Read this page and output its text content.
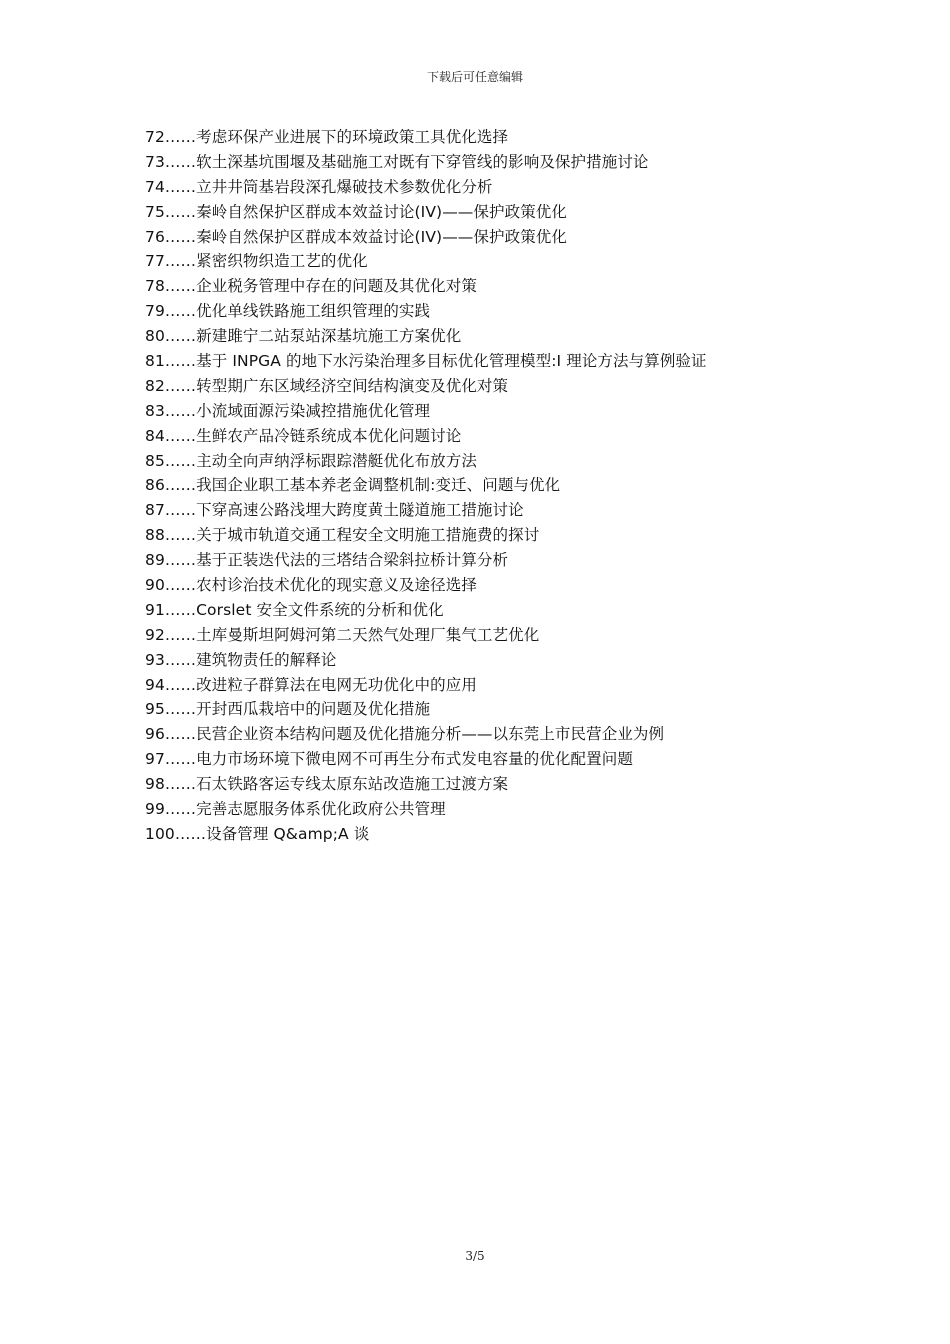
下载后可任意编辑
72……考虑环保产业进展下的环境政策工具优化选择
73……软土深基坑围堰及基础施工对既有下穿管线的影响及保护措施讨论
74……立井井筒基岩段深孔爆破技术参数优化分析
75……秦岭自然保护区群成本效益讨论(IV)——保护政策优化
76……秦岭自然保护区群成本效益讨论(IV)——保护政策优化
77……紧密织物织造工艺的优化
78……企业税务管理中存在的问题及其优化对策
79……优化单线铁路施工组织管理的实践
80……新建雎宁二站泵站深基坑施工方案优化
81……基于 INPGA 的地下水污染治理多目标优化管理模型:I 理论方法与算例验证
82……转型期广东区域经济空间结构演变及优化对策
83……小流域面源污染减控措施优化管理
84……生鲜农产品冷链系统成本优化问题讨论
85……主动全向声纳浮标跟踪潜艇优化布放方法
86……我国企业职工基本养老金调整机制:变迁、问题与优化
87……下穿高速公路浅埋大跨度黄土隧道施工措施讨论
88……关于城市轨道交通工程安全文明施工措施费的探讨
89……基于正装迭代法的三塔结合梁斜拉桥计算分析
90……农村诊治技术优化的现实意义及途径选择
91……Corslet 安全文件系统的分析和优化
92……土库曼斯坦阿姆河第二天然气处理厂集气工艺优化
93……建筑物责任的解释论
94……改进粒子群算法在电网无功优化中的应用
95……开封西瓜栽培中的问题及优化措施
96……民营企业资本结构问题及优化措施分析——以东莞上市民营企业为例
97……电力市场环境下微电网不可再生分布式发电容量的优化配置问题
98……石太铁路客运专线太原东站改造施工过渡方案
99……完善志愿服务体系优化政府公共管理
100……设备管理 Q&amp;A 谈
3/5
